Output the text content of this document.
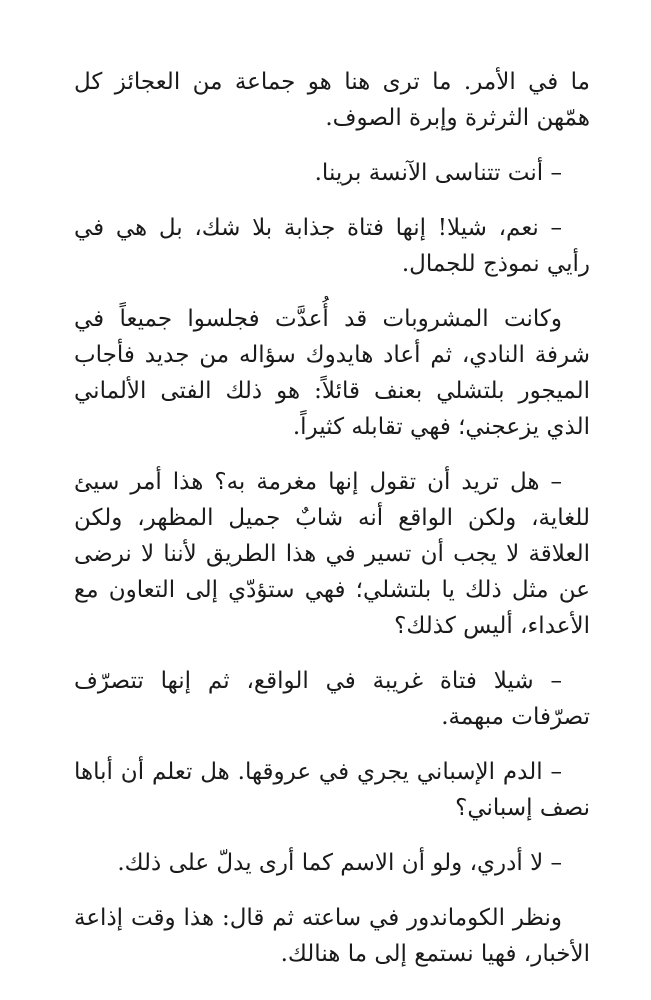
ما في الأمر. ما ترى هنا هو جماعة من العجائز كل همّهن الثرثرة وإبرة الصوف.

– أنت تتناسى الآنسة برينا.

– نعم، شيلا! إنها فتاة جذابة بلا شك، بل هي في رأيي نموذج للجمال.

وكانت المشروبات قد أُعدَّت فجلسوا جميعاً في شرفة النادي، ثم أعاد هايدوك سؤاله من جديد فأجاب الميجور بلتشلي بعنف قائلاً: هو ذلك الفتى الألماني الذي يزعجني؛ فهي تقابله كثيراً.

– هل تريد أن تقول إنها مغرمة به؟ هذا أمر سيئ للغاية، ولكن الواقع أنه شابٌ جميل المظهر، ولكن العلاقة لا يجب أن تسير في هذا الطريق لأننا لا نرضى عن مثل ذلك يا بلتشلي؛ فهي ستؤدّي إلى التعاون مع الأعداء، أليس كذلك؟

– شيلا فتاة غريبة في الواقع، ثم إنها تتصرّف تصرّفات مبهمة.

– الدم الإسباني يجري في عروقها. هل تعلم أن أباها نصف إسباني؟

– لا أدري، ولو أن الاسم كما أرى يدلّ على ذلك.

ونظر الكوماندور في ساعته ثم قال: هذا وقت إذاعة الأخبار، فهيا نستمع إلى ما هنالك.
